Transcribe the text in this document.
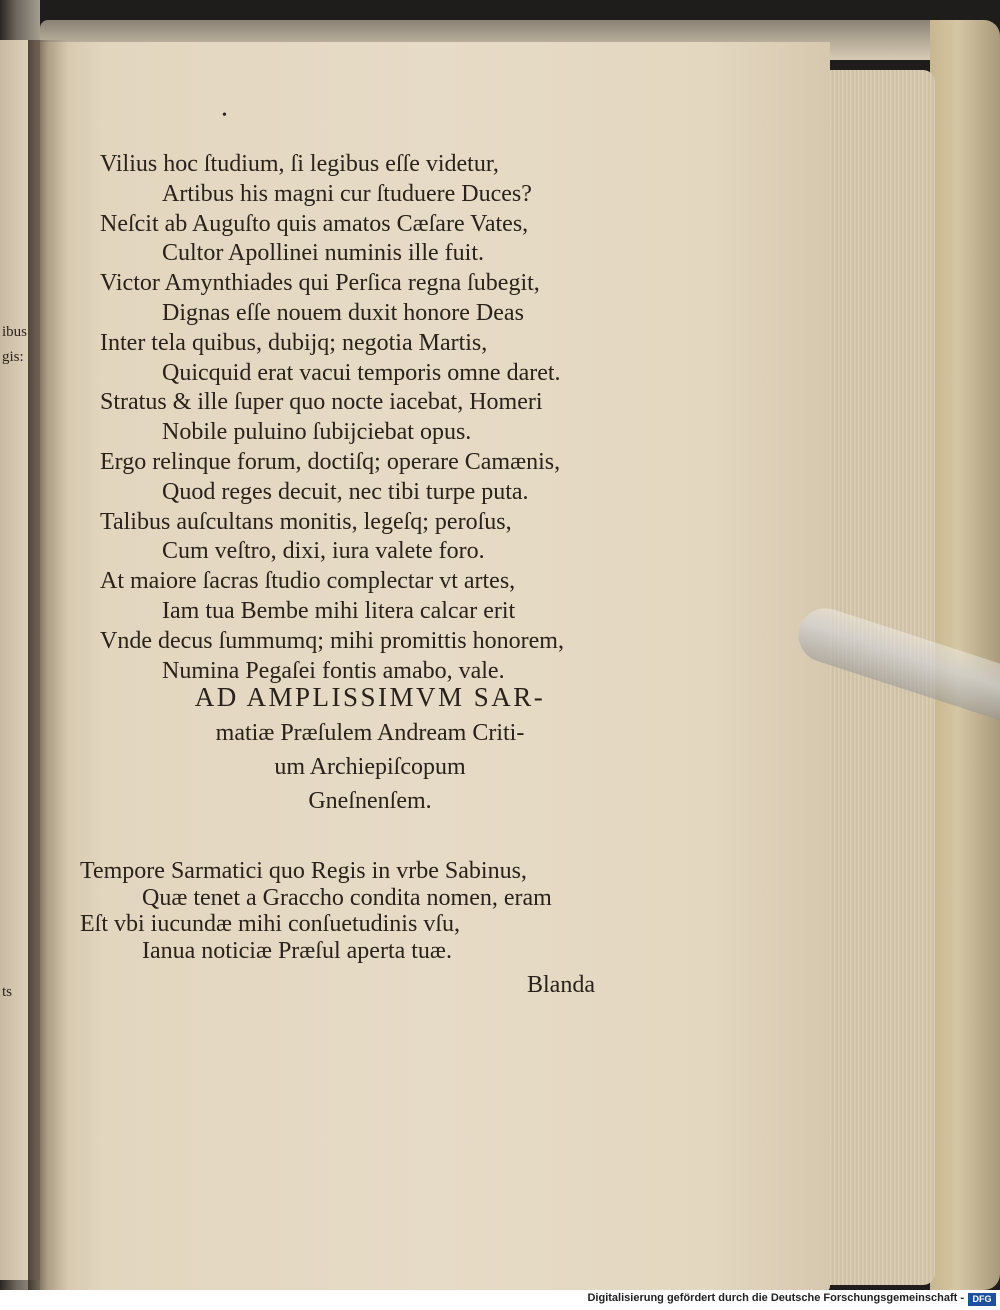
ibus
gis:
ts
•
Vilius hoc ſtudium, ſi legibus eſſe videtur,
Artibus his magni cur ſtuduere Duces?
Neſcit ab Auguſto quis amatos Cæſare Vates,
Cultor Apollinei numinis ille fuit.
Victor Amynthiades qui Perſica regna ſubegit,
Dignas eſſe nouem duxit honore Deas
Inter tela quibus, dubijq; negotia Martis,
Quicquid erat vacui temporis omne daret.
Stratus & ille ſuper quo nocte iacebat, Homeri
Nobile puluino ſubijciebat opus.
Ergo relinque forum, doctiſq; operare Camænis,
Quod reges decuit, nec tibi turpe puta.
Talibus auſcultans monitis, legeſq; peroſus,
Cum veſtro, dixi, iura valete foro.
At maiore ſacras ſtudio complectar vt artes,
Iam tua Bembe mihi litera calcar erit
Vnde decus ſummumq; mihi promittis honorem,
Numina Pegaſei fontis amabo, vale.
AD AMPLISSIMVM SAR-
matiæ Præſulem Andream Criti-
um Archiepiſcopum
Gneſnenſem.
Tempore Sarmatici quo Regis in vrbe Sabinus,
Quæ tenet a Graccho condita nomen, eram
Eſt vbi iucundæ mihi conſuetudinis vſu,
Ianua noticiæ Præſul aperta tuæ.
Blanda
Digitalisierung gefördert durch die Deutsche Forschungsgemeinschaft - DFG
